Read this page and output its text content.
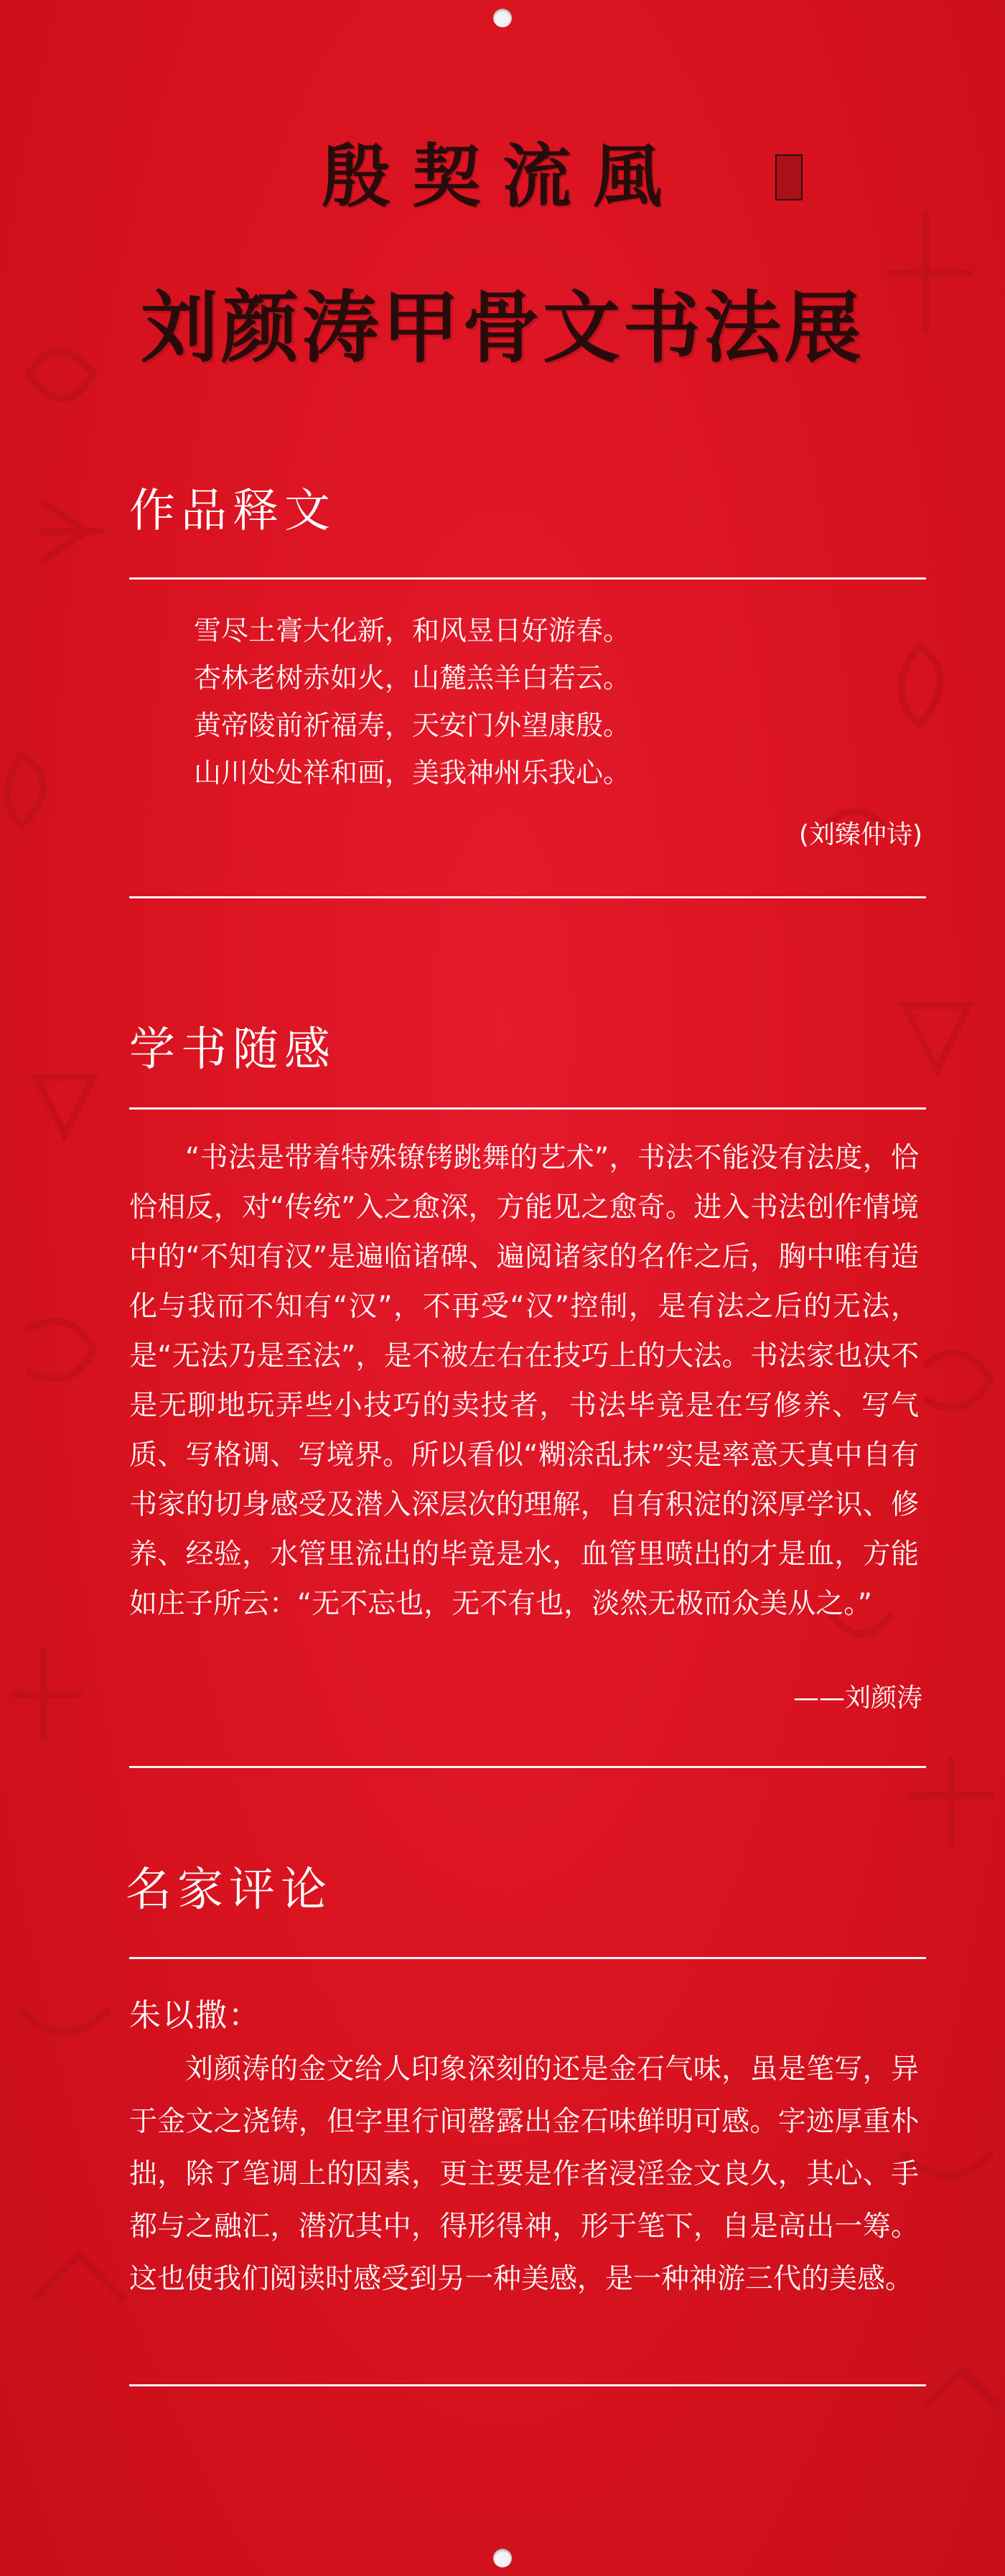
殷契流風
刘颜涛甲骨文书法展
作品释文
雪尽土膏大化新，和风昱日好游春。
杏林老树赤如火，山麓羔羊白若云。
黄帝陵前祈福寿，天安门外望康殷。
山川处处祥和画，美我神州乐我心。
(刘臻仲诗)
学书随感
“书法是带着特殊镣铐跳舞的艺术”，书法不能没有法度，恰恰相反，对“传统”入之愈深，方能见之愈奇。进入书法创作情境中的“不知有汉”是遍临诸碑、遍阅诸家的名作之后，胸中唯有造化与我而不知有“汉”，不再受“汉”控制，是有法之后的无法，是“无法乃是至法”，是不被左右在技巧上的大法。书法家也决不是无聊地玩弄些小技巧的卖技者，书法毕竟是在写修养、写气质、写格调、写境界。所以看似“糊涂乱抹”实是率意天真中自有书家的切身感受及潜入深层次的理解，自有积淀的深厚学识、修养、经验，水管里流出的毕竟是水，血管里喷出的才是血，方能如庄子所云：“无不忘也，无不有也，淡然无极而众美从之。”
——刘颜涛
名家评论
朱以撒：
刘颜涛的金文给人印象深刻的还是金石气味，虽是笔写，异于金文之浇铸，但字里行间罄露出金石味鲜明可感。字迹厚重朴拙，除了笔调上的因素，更主要是作者浸淫金文良久，其心、手都与之融汇，潜沉其中，得形得神，形于笔下，自是高出一筹。这也使我们阅读时感受到另一种美感，是一种神游三代的美感。
